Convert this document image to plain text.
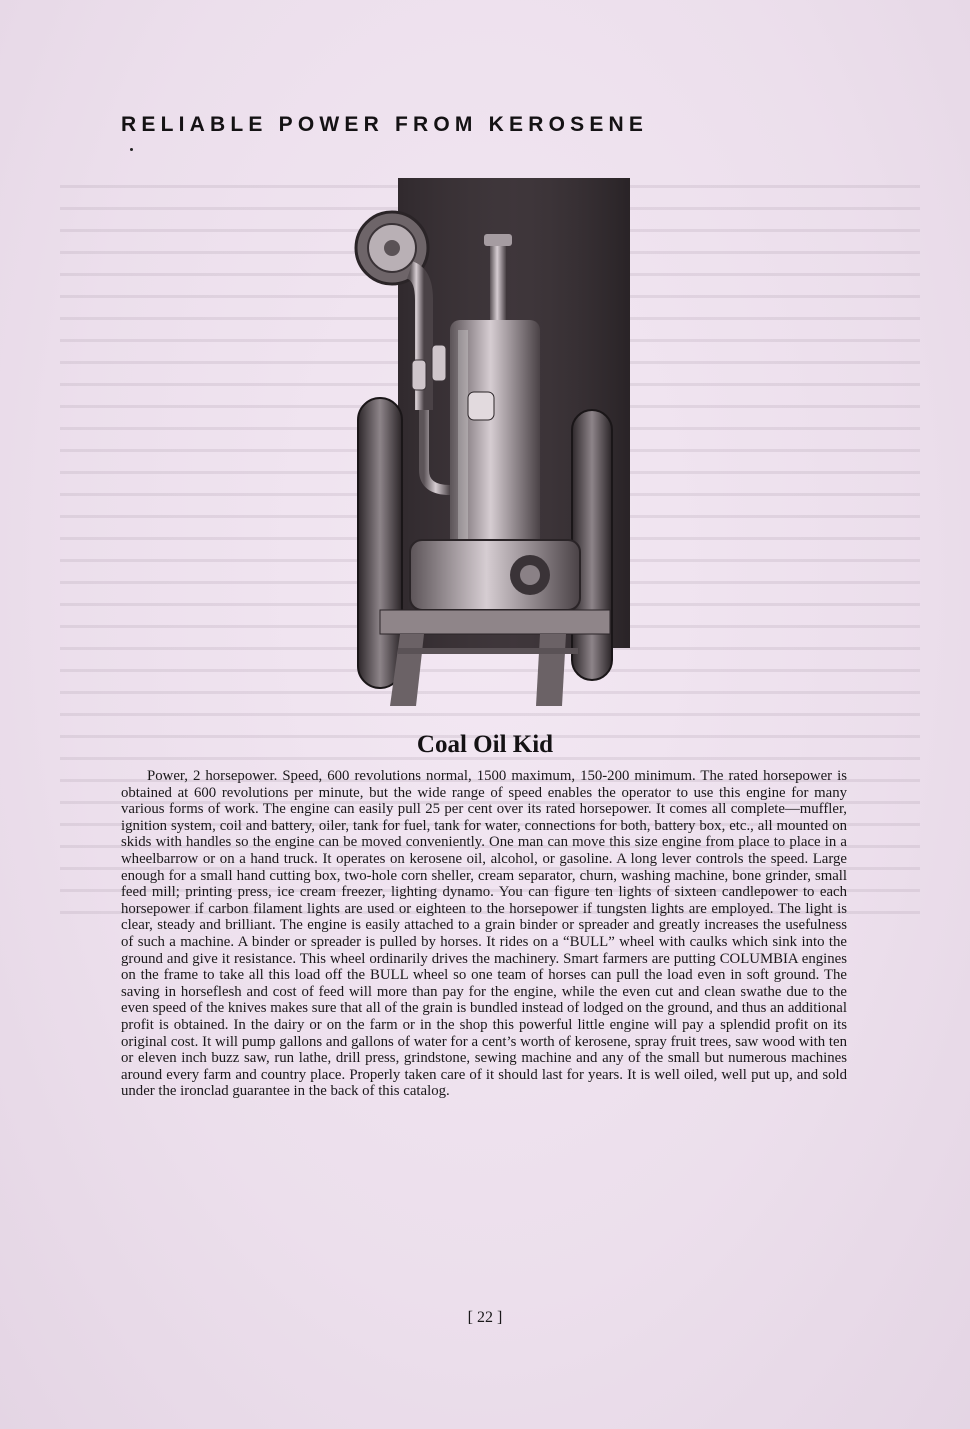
RELIABLE POWER FROM KEROSENE
Coal Oil Kid

Power, 2 horsepower. Speed, 600 revolutions normal, 1500 maximum, 150-200 minimum. The rated horsepower is obtained at 600 revolutions per minute, but the wide range of speed enables the operator to use this engine for many various forms of work. The engine can easily pull 25 per cent over its rated horsepower. It comes all complete—muffler, ignition system, coil and battery, oiler, tank for fuel, tank for water, connections for both, battery box, etc., all mounted on skids with handles so the engine can be moved conveniently. One man can move this size engine from place to place in a wheelbarrow or on a hand truck. It operates on kerosene oil, alcohol, or gasoline. A long lever controls the speed. Large enough for a small hand cutting box, two-hole corn sheller, cream separator, churn, washing machine, bone grinder, small feed mill; printing press, ice cream freezer, lighting dynamo. You can figure ten lights of sixteen candlepower to each horsepower if carbon filament lights are used or eighteen to the horsepower if tungsten lights are employed. The light is clear, steady and brilliant. The engine is easily attached to a grain binder or spreader and greatly increases the usefulness of such a machine. A binder or spreader is pulled by horses. It rides on a “BULL” wheel with caulks which sink into the ground and give it resistance. This wheel ordinarily drives the machinery. Smart farmers are putting COLUMBIA engines on the frame to take all this load off the BULL wheel so one team of horses can pull the load even in soft ground. The saving in horseflesh and cost of feed will more than pay for the engine, while the even cut and clean swathe due to the even speed of the knives makes sure that all of the grain is bundled instead of lodged on the ground, and thus an additional profit is obtained. In the dairy or on the farm or in the shop this powerful little engine will pay a splendid profit on its original cost. It will pump gallons and gallons of water for a cent’s worth of kerosene, spray fruit trees, saw wood with ten or eleven inch buzz saw, run lathe, drill press, grindstone, sewing machine and any of the small but numerous machines around every farm and country place. Properly taken care of it should last for years. It is well oiled, well put up, and sold under the ironclad guarantee in the back of this catalog.

[ 22 ]
